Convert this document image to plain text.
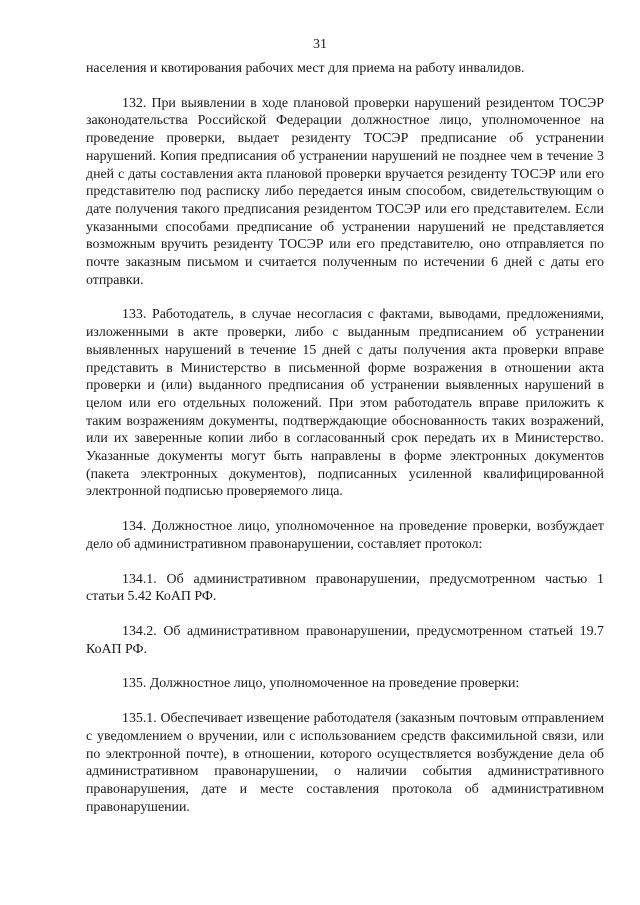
31

населения и квотирования рабочих мест для приема на работу инвалидов.

132. При выявлении в ходе плановой проверки нарушений резидентом ТОСЭР законодательства Российской Федерации должностное лицо, уполномоченное на проведение проверки, выдает резиденту ТОСЭР предписание об устранении нарушений. Копия предписания об устранении нарушений не позднее чем в течение 3 дней с даты составления акта плановой проверки вручается резиденту ТОСЭР или его представителю под расписку либо передается иным способом, свидетельствующим о дате получения такого предписания резидентом ТОСЭР или его представителем. Если указанными способами предписание об устранении нарушений не представляется возможным вручить резиденту ТОСЭР или его представителю, оно отправляется по почте заказным письмом и считается полученным по истечении 6 дней с даты его отправки.

133. Работодатель, в случае несогласия с фактами, выводами, предложениями, изложенными в акте проверки, либо с выданным предписанием об устранении выявленных нарушений в течение 15 дней с даты получения акта проверки вправе представить в Министерство в письменной форме возражения в отношении акта проверки и (или) выданного предписания об устранении выявленных нарушений в целом или его отдельных положений. При этом работодатель вправе приложить к таким возражениям документы, подтверждающие обоснованность таких возражений, или их заверенные копии либо в согласованный срок передать их в Министерство. Указанные документы могут быть направлены в форме электронных документов (пакета электронных документов), подписанных усиленной квалифицированной электронной подписью проверяемого лица.

134. Должностное лицо, уполномоченное на проведение проверки, возбуждает дело об административном правонарушении, составляет протокол:

134.1. Об административном правонарушении, предусмотренном частью 1 статьи 5.42 КоАП РФ.

134.2. Об административном правонарушении, предусмотренном статьей 19.7 КоАП РФ.

135. Должностное лицо, уполномоченное на проведение проверки:

135.1. Обеспечивает извещение работодателя (заказным почтовым отправлением с уведомлением о вручении, или с использованием средств факсимильной связи, или по электронной почте), в отношении, которого осуществляется возбуждение дела об административном правонарушении, о наличии события административного правонарушения, дате и месте составления протокола об административном правонарушении.
